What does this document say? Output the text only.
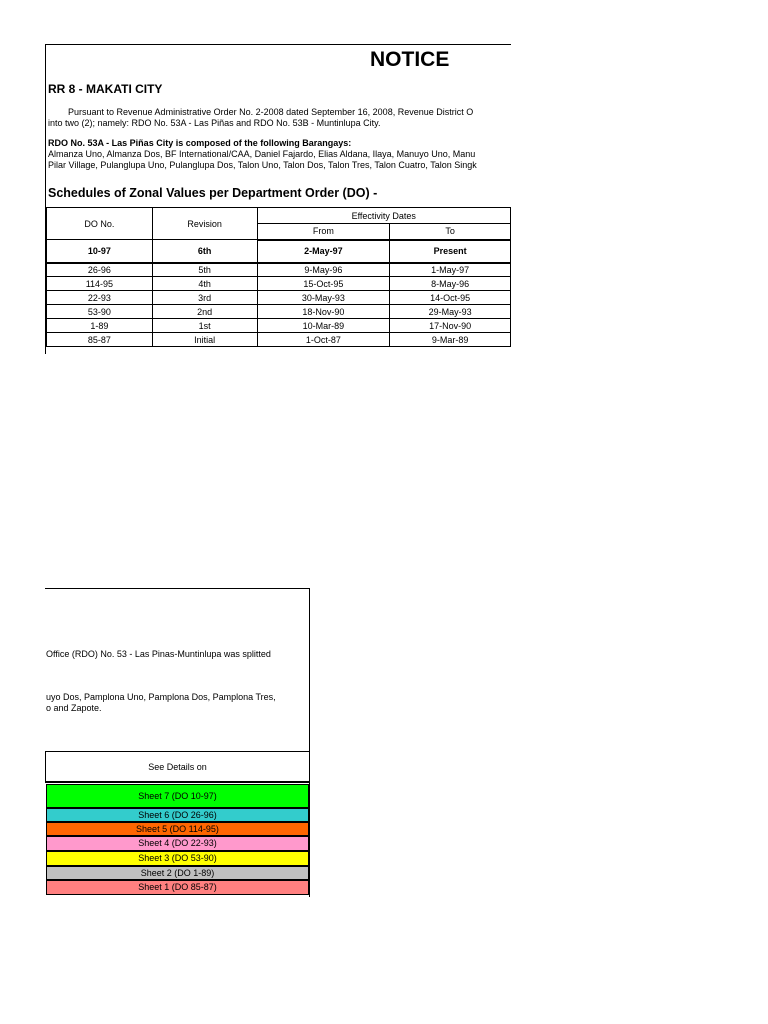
NOTICE
RR 8 - MAKATI CITY
Pursuant to Revenue Administrative Order No. 2-2008 dated September 16, 2008, Revenue District O
into two (2); namely: RDO No. 53A - Las Piñas and RDO No. 53B - Muntinlupa City.
RDO No. 53A - Las Piñas City is composed of the following Barangays:
Almanza Uno, Almanza Dos, BF International/CAA, Daniel Fajardo, Elias Aldana, Ilaya, Manuyo Uno, Manu
Pilar Village, Pulanglupa Uno, Pulanglupa Dos, Talon Uno, Talon Dos, Talon Tres, Talon Cuatro, Talon Singk
Schedules of Zonal Values per Department Order (DO) -
DO No.	Revision	Effectivity Dates	
		From	To
10-97	6th	2-May-97	Present
26-96	5th	9-May-96	1-May-97
114-95	4th	15-Oct-95	8-May-96
22-93	3rd	30-May-93	14-Oct-95
53-90	2nd	18-Nov-90	29-May-93
1-89	1st	10-Mar-89	17-Nov-90
85-87	Initial	1-Oct-87	9-Mar-89
Office (RDO) No. 53 - Las Pinas-Muntinlupa was splitted
uyo Dos, Pamplona Uno, Pamplona Dos, Pamplona Tres,
o and Zapote.
See Details on
Sheet 7 (DO 10-97)
Sheet 6 (DO 26-96)
Sheet 5 (DO 114-95)
Sheet 4 (DO 22-93)
Sheet 3 (DO 53-90)
Sheet 2 (DO 1-89)
Sheet 1 (DO 85-87)
